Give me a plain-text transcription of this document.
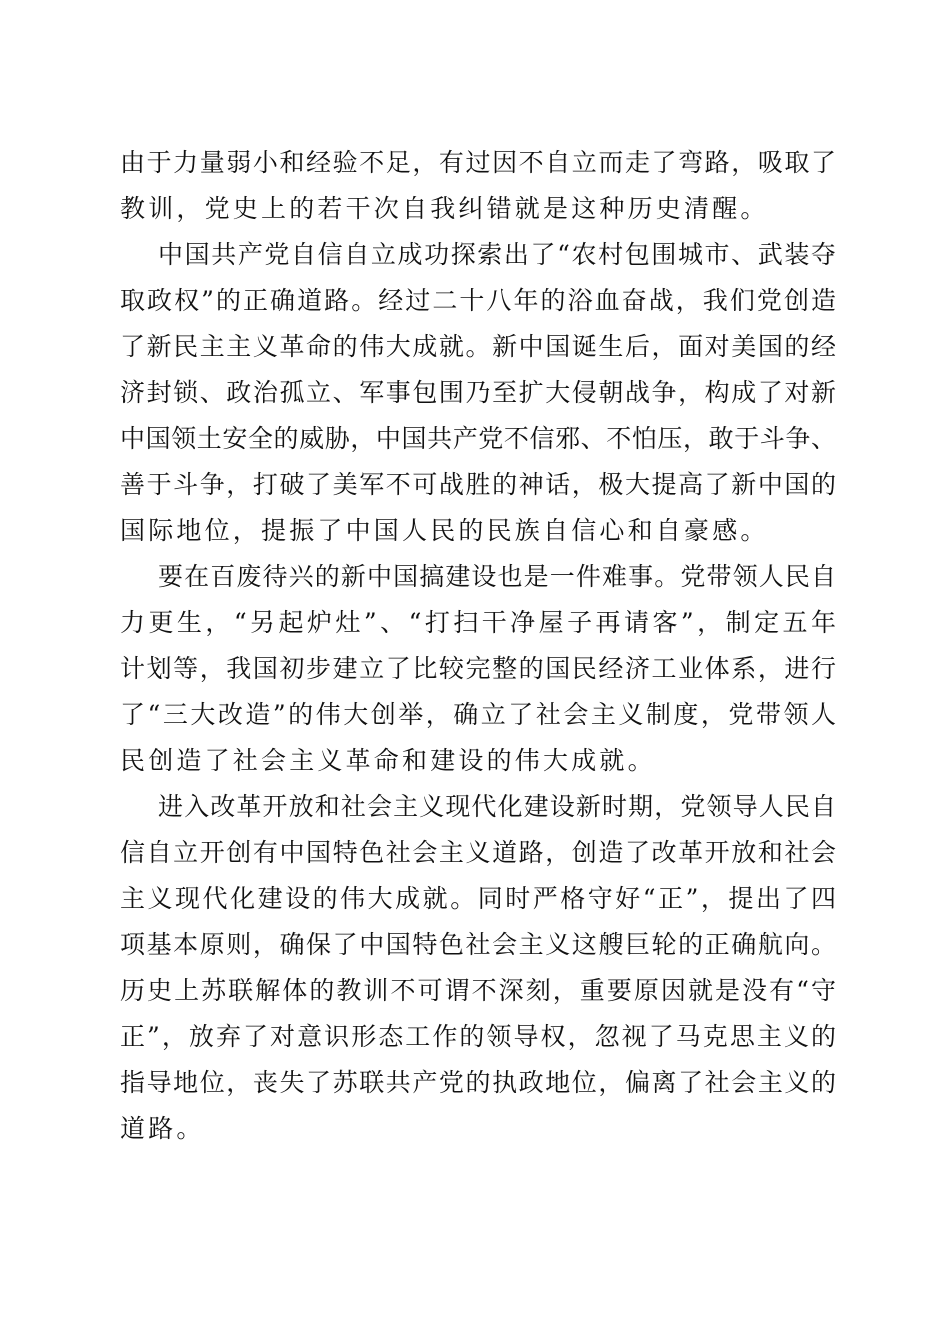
由于力量弱小和经验不足，有过因不自立而走了弯路，吸取了
教训，党史上的若干次自我纠错就是这种历史清醒。
中国共产党自信自立成功探索出了“农村包围城市、武装夺
取政权”的正确道路。经过二十八年的浴血奋战，我们党创造
了新民主主义革命的伟大成就。新中国诞生后，面对美国的经
济封锁、政治孤立、军事包围乃至扩大侵朝战争，构成了对新
中国领土安全的威胁，中国共产党不信邪、不怕压，敢于斗争、
善于斗争，打破了美军不可战胜的神话，极大提高了新中国的
国际地位，提振了中国人民的民族自信心和自豪感。
要在百废待兴的新中国搞建设也是一件难事。党带领人民自
力更生，“另起炉灶”、“打扫干净屋子再请客”，制定五年
计划等，我国初步建立了比较完整的国民经济工业体系，进行
了“三大改造”的伟大创举，确立了社会主义制度，党带领人
民创造了社会主义革命和建设的伟大成就。
进入改革开放和社会主义现代化建设新时期，党领导人民自
信自立开创有中国特色社会主义道路，创造了改革开放和社会
主义现代化建设的伟大成就。同时严格守好“正”，提出了四
项基本原则，确保了中国特色社会主义这艘巨轮的正确航向。
历史上苏联解体的教训不可谓不深刻，重要原因就是没有“守
正”，放弃了对意识形态工作的领导权，忽视了马克思主义的
指导地位，丧失了苏联共产党的执政地位，偏离了社会主义的
道路。
